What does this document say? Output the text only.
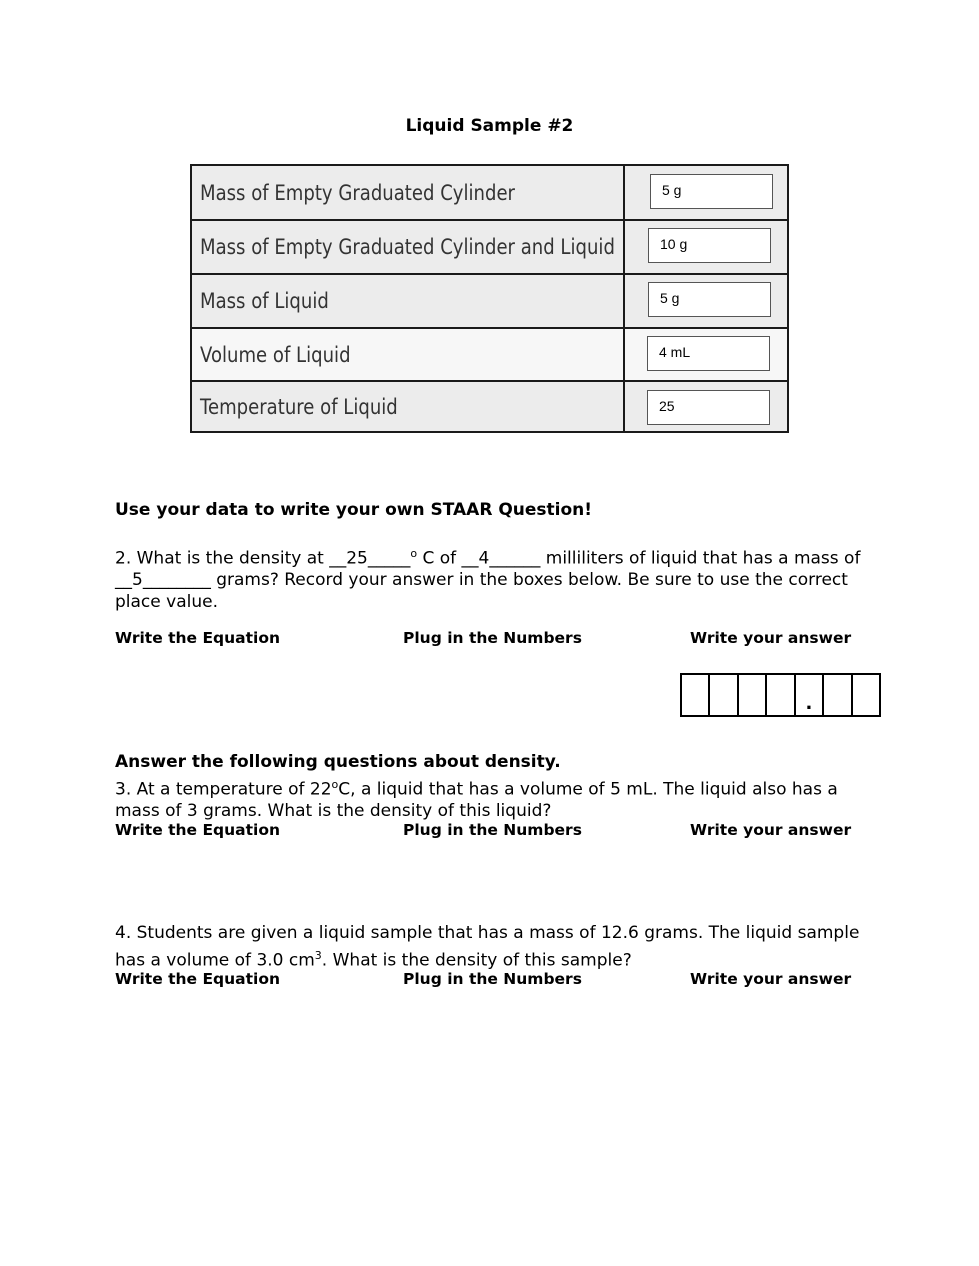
Liquid Sample #2
Mass of Empty Graduated Cylinder	5 g
Mass of Empty Graduated Cylinder and Liquid	10 g
Mass of Liquid	5 g
Volume of Liquid	4 mL
Temperature of Liquid	25
Use your data to write your own STAAR Question!
2. What is the density at __25_____$^o$ C of __4______ milliliters of liquid that has a mass of __5________ grams? Record your answer in the boxes below. Be sure to use the correct place value.
Write the Equation	Plug in the Numbers	Write your answer
.
Answer the following questions about density.
3. At a temperature of 22$^o$C, a liquid that has a volume of 5 mL. The liquid also has a mass of 3 grams. What is the density of this liquid?
Write the Equation	Plug in the Numbers	Write your answer
4. Students are given a liquid sample that has a mass of 12.6 grams. The liquid sample has a volume of 3.0 $cm^3$. What is the density of this sample?
Write the Equation	Plug in the Numbers	Write your answer
